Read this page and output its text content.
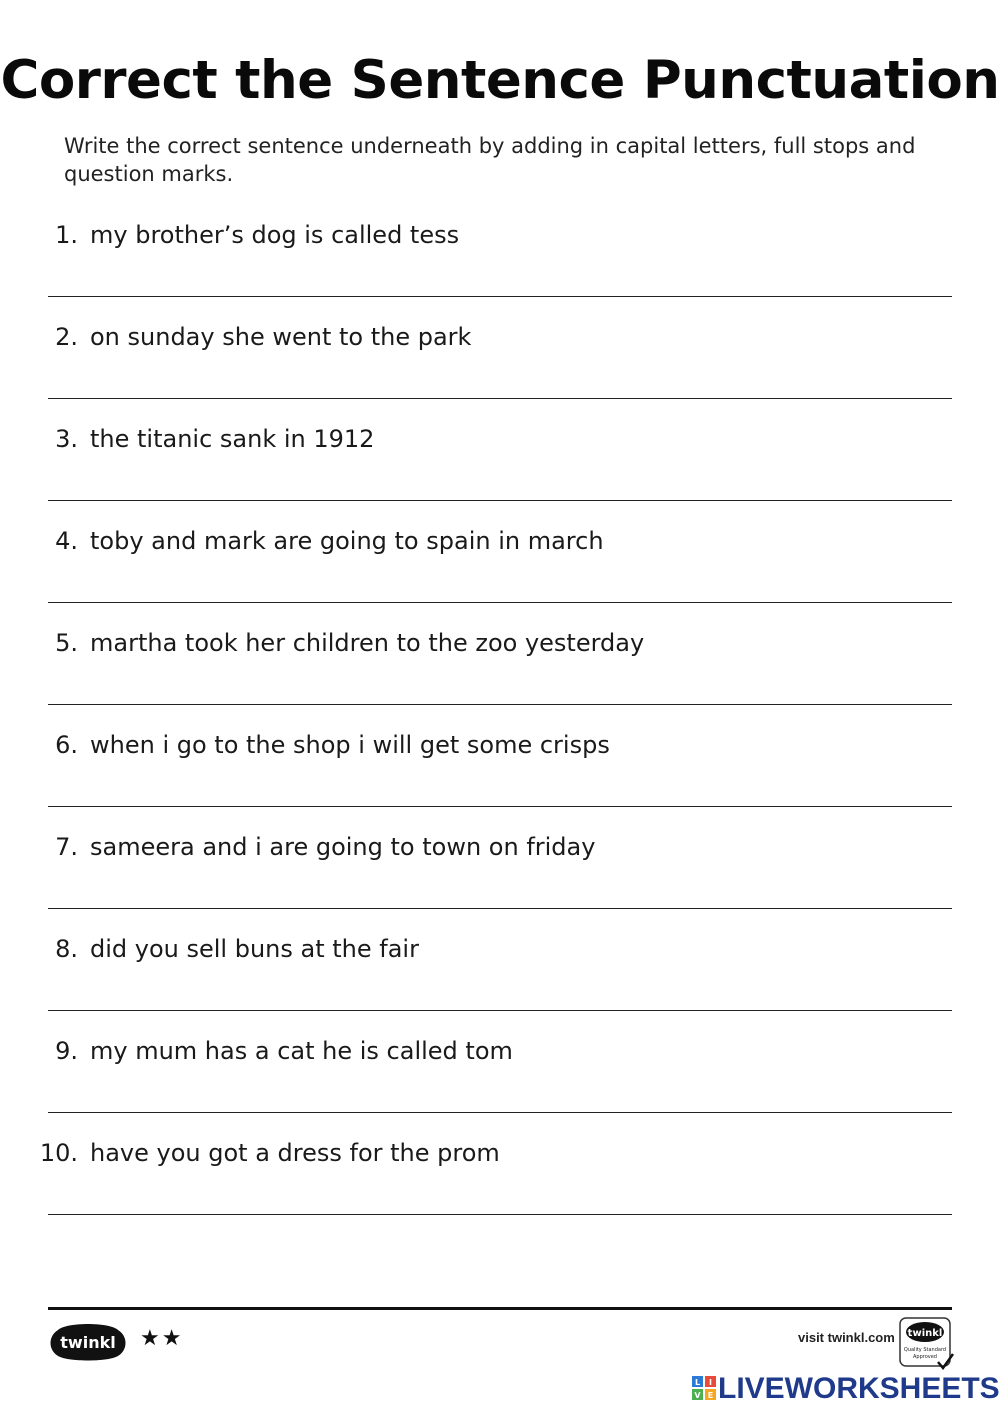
Correct the Sentence Punctuation
Write the correct sentence underneath by adding in capital letters, full stops and question marks.
1. my brother’s dog is called tess
2. on sunday she went to the park
3. the titanic sank in 1912
4. toby and mark are going to spain in march
5. martha took her children to the zoo yesterday
6. when i go to the shop i will get some crisps
7. sameera and i are going to town on friday
8. did you sell buns at the fair
9. my mum has a cat he is called tom
10. have you got a dress for the prom
twinkl ★★	visit twinkl.com twinkl
Quality Standard
Approved
L I
V E LIVEWORKSHEETS
